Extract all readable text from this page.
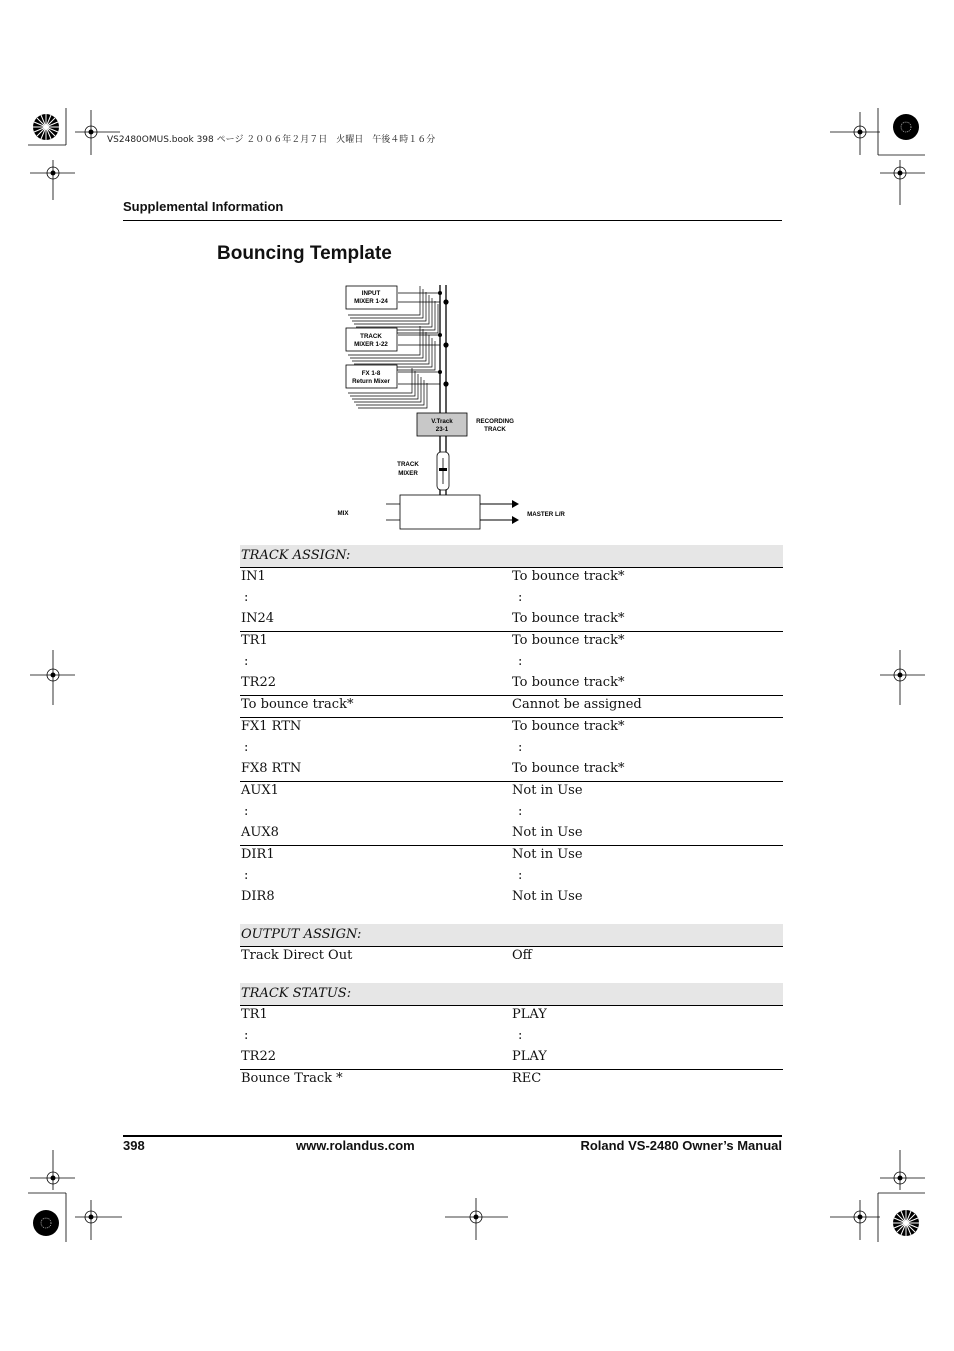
VS2480OMUS.book 398 ページ ２００６年２月７日　火曜日　午後４時１６分
Supplemental Information
Bouncing Template
INPUT
MIXER 1-24
TRACK
MIXER 1-22
FX 1-8
Return Mixer
V.Track
23-1
RECORDING
TRACK
TRACK
MIXER
MIX	MASTER L/R
TRACK ASSIGN:
IN1	To bounce track*
:	:
IN24	To bounce track*
TR1	To bounce track*
:	:
TR22	To bounce track*
To bounce track*	Cannot be assigned
FX1 RTN	To bounce track*
:	:
FX8 RTN	To bounce track*
AUX1	Not in Use
:	:
AUX8	Not in Use
DIR1	Not in Use
:	:
DIR8	Not in Use
OUTPUT ASSIGN:
Track Direct Out	Off
TRACK STATUS:
TR1	PLAY
:	:
TR22	PLAY
Bounce Track *	REC
398	www.rolandus.com	Roland VS-2480 Owner’s Manual
